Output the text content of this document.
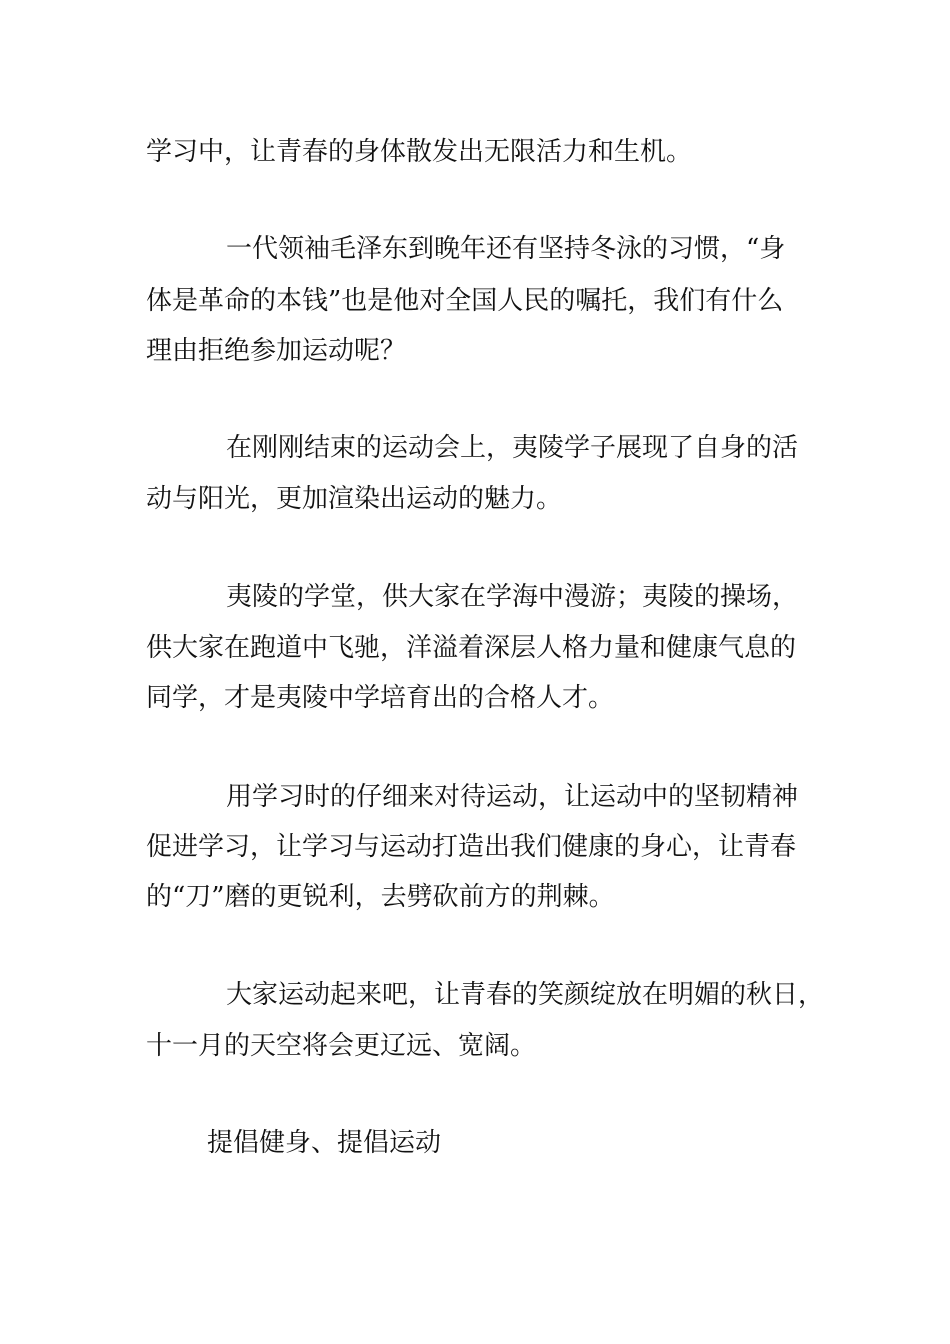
学习中，让青春的身体散发出无限活力和生机。
一代领袖毛泽东到晚年还有坚持冬泳的习惯，“身
体是革命的本钱”也是他对全国人民的嘱托，我们有什么
理由拒绝参加运动呢？
在刚刚结束的运动会上，夷陵学子展现了自身的活
动与阳光，更加渲染出运动的魅力。
夷陵的学堂，供大家在学海中漫游；夷陵的操场，
供大家在跑道中飞驰，洋溢着深层人格力量和健康气息的
同学，才是夷陵中学培育出的合格人才。
用学习时的仔细来对待运动，让运动中的坚韧精神
促进学习，让学习与运动打造出我们健康的身心，让青春
的“刀”磨的更锐利，去劈砍前方的荆棘。
大家运动起来吧，让青春的笑颜绽放在明媚的秋日，
十一月的天空将会更辽远、宽阔。
提倡健身、提倡运动
